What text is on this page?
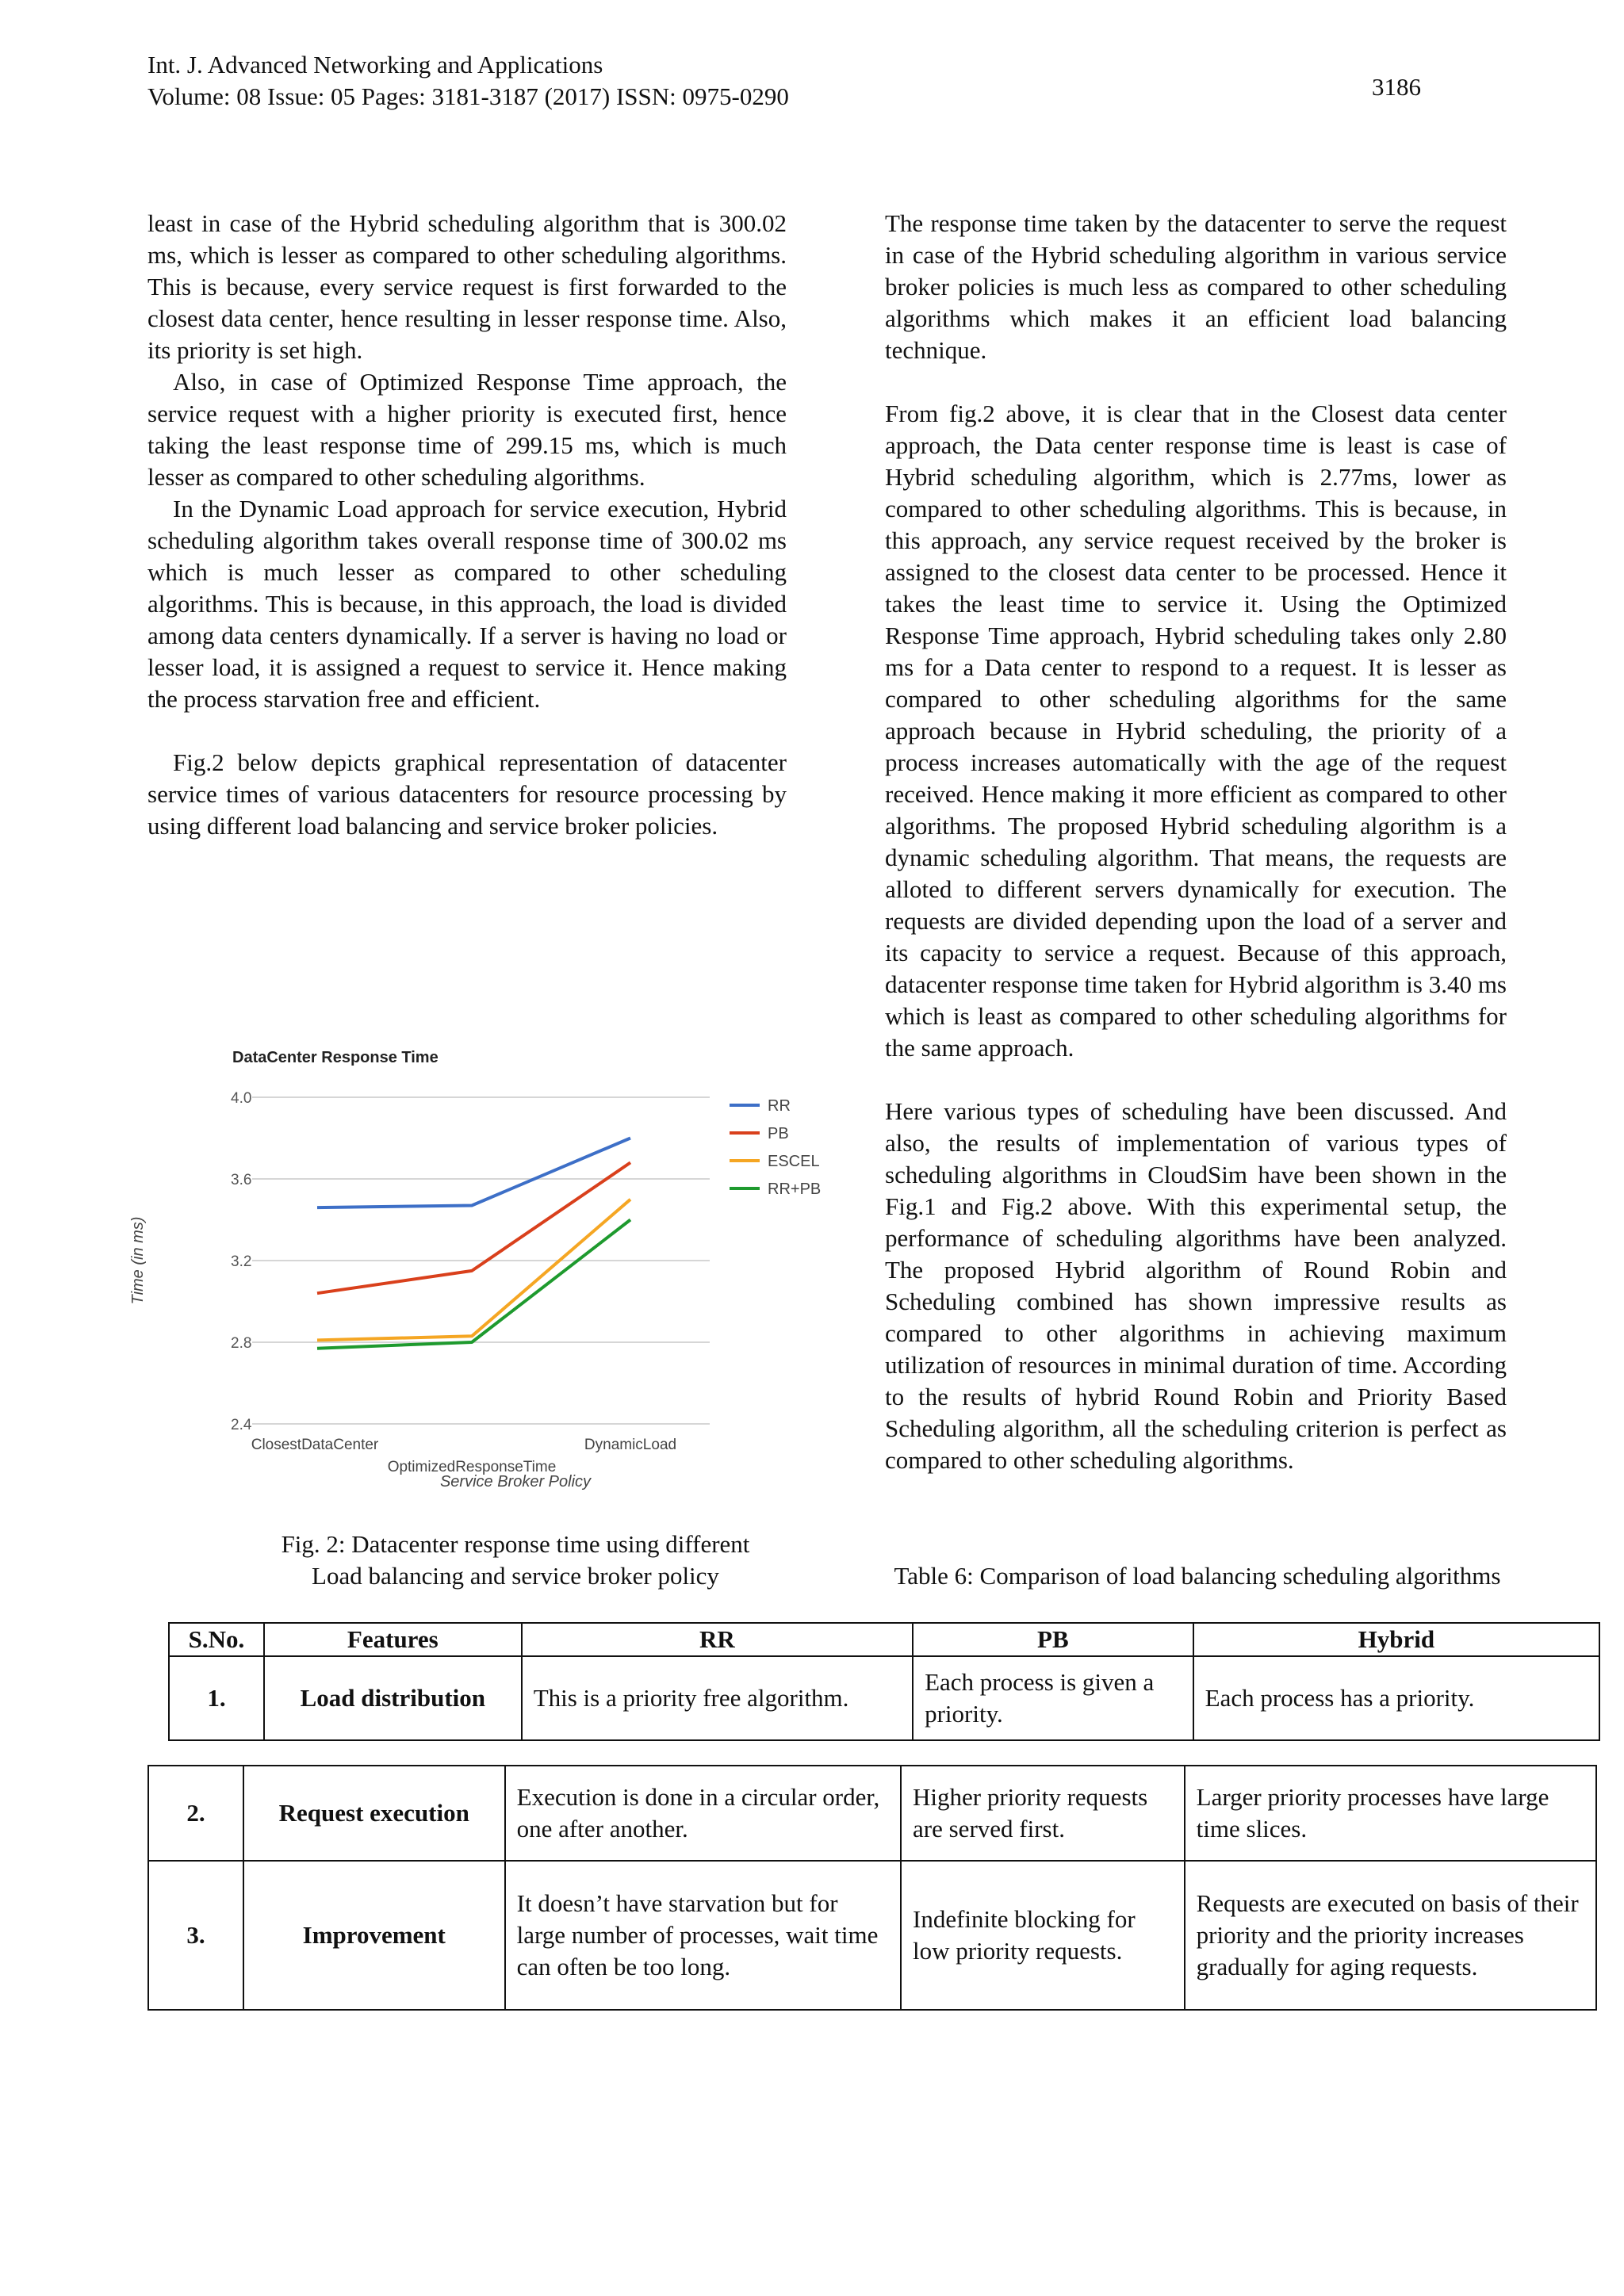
Int. J. Advanced Networking and Applications
Volume: 08 Issue: 05 Pages: 3181-3187 (2017) ISSN: 0975-0290	3186

least in case of the Hybrid scheduling algorithm that is 300.02 ms, which is lesser as compared to other scheduling algorithms. This is because, every service request is first forwarded to the closest data center, hence resulting in lesser response time. Also, its priority is set high.

Also, in case of Optimized Response Time approach, the service request with a higher priority is executed first, hence taking the least response time of 299.15 ms, which is much lesser as compared to other scheduling algorithms.

In the Dynamic Load approach for service execution, Hybrid scheduling algorithm takes overall response time of 300.02 ms which is much lesser as compared to other scheduling algorithms. This is because, in this approach, the load is divided among data centers dynamically. If a server is having no load or lesser load, it is assigned a request to service it. Hence making the process starvation free and efficient.

Fig.2 below depicts graphical representation of datacenter service times of various datacenters for resource processing by using different load balancing and service broker policies.

DataCenter Response Time
4.0
3.6
3.2
2.8
2.4
ClosestDataCenter
OptimizedResponseTime
DynamicLoad
RR
PB
ESCEL
RR+PB
Service Broker Policy
Time (in ms)
Fig. 2: Datacenter response time using different Load balancing and service broker policy

The response time taken by the datacenter to serve the request in case of the Hybrid scheduling algorithm in various service broker policies is much less as compared to other scheduling algorithms which makes it an efficient load balancing technique.

From fig.2 above, it is clear that in the Closest data center approach, the Data center response time is least is case of Hybrid scheduling algorithm, which is 2.77ms, lower as compared to other scheduling algorithms. This is because, in this approach, any service request received by the broker is assigned to the closest data center to be processed. Hence it takes the least time to service it. Using the Optimized Response Time approach, Hybrid scheduling takes only 2.80 ms for a Data center to respond to a request. It is lesser as compared to other scheduling algorithms for the same approach because in Hybrid scheduling, the priority of a process increases automatically with the age of the request received. Hence making it more efficient as compared to other algorithms. The proposed Hybrid scheduling algorithm is a dynamic scheduling algorithm. That means, the requests are alloted to different servers dynamically for execution. The requests are divided depending upon the load of a server and its capacity to service a request. Because of this approach, datacenter response time taken for Hybrid algorithm is 3.40 ms which is least as compared to other scheduling algorithms for the same approach.

Here various types of scheduling have been discussed. And also, the results of implementation of various types of scheduling algorithms in CloudSim have been shown in the Fig.1 and Fig.2 above. With this experimental setup, the performance of scheduling algorithms have been analyzed. The proposed Hybrid algorithm of Round Robin and Scheduling combined has shown impressive results as compared to other algorithms in achieving maximum utilization of resources in minimal duration of time. According to the results of hybrid Round Robin and Priority Based Scheduling algorithm, all the scheduling criterion is perfect as compared to other scheduling algorithms.

Table 6: Comparison of load balancing scheduling algorithms
S.No.	Features	RR	PB	Hybrid
1.	Load distribution	This is a priority free algorithm.	Each process is given a priority.	Each process has a priority.
2.	Request execution	Execution is done in a circular order, one after another.	Higher priority requests are served first.	Larger priority processes have large time slices.
3.	Improvement	It doesn’t have starvation but for large number of processes, wait time can often be too long.	Indefinite blocking for low priority requests.	Requests are executed on basis of their priority and the priority increases gradually for aging requests.
